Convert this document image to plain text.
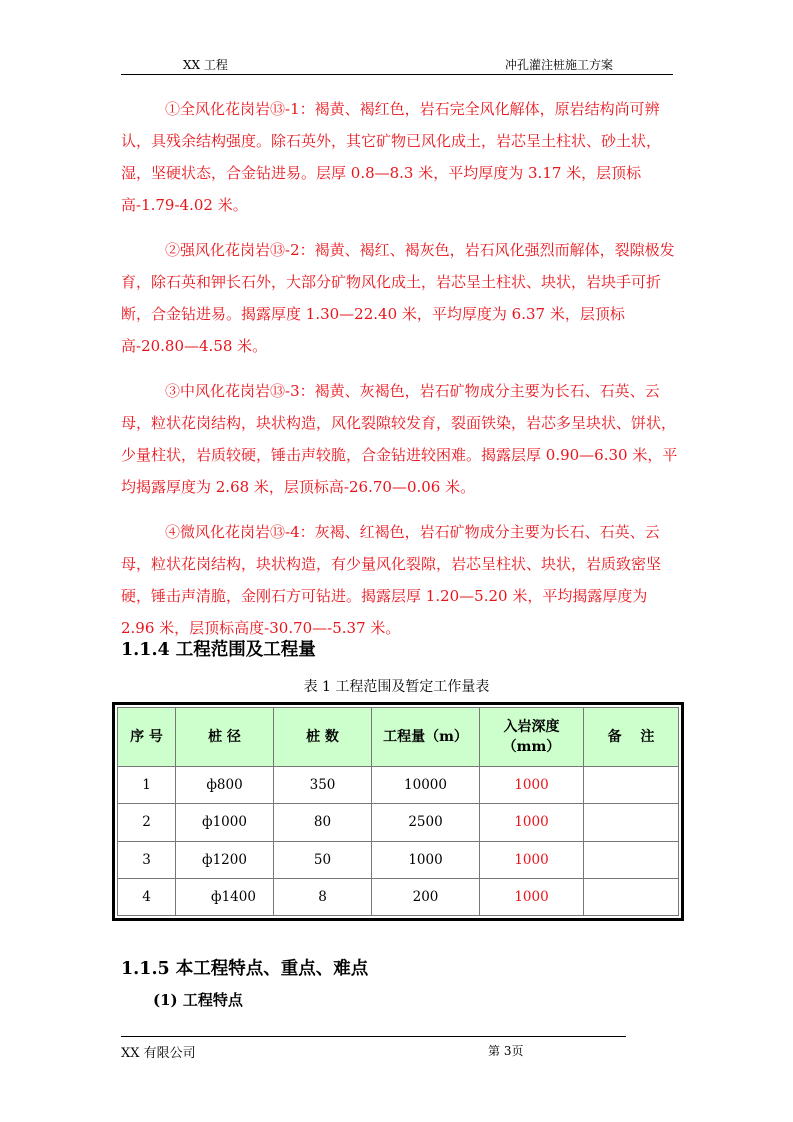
XX 工程	冲孔灌注桩施工方案

①全风化花岗岩⑬-1：褐黄、褐红色，岩石完全风化解体，原岩结构尚可辨认，具残余结构强度。除石英外，其它矿物已风化成土，岩芯呈土柱状、砂土状，湿，坚硬状态，合金钻进易。层厚 0.8—8.3 米，平均厚度为 3.17 米，层顶标高-1.79-4.02 米。

②强风化花岗岩⑬-2：褐黄、褐红、褐灰色，岩石风化强烈而解体，裂隙极发育，除石英和钾长石外，大部分矿物风化成土，岩芯呈土柱状、块状，岩块手可折断，合金钻进易。揭露厚度 1.30—22.40 米，平均厚度为 6.37 米，层顶标高-20.80—4.58 米。

③中风化花岗岩⑬-3：褐黄、灰褐色，岩石矿物成分主要为长石、石英、云母，粒状花岗结构，块状构造，风化裂隙较发育，裂面铁染，岩芯多呈块状、饼状，少量柱状，岩质较硬，锤击声较脆，合金钻进较困难。揭露层厚 0.90—6.30 米，平均揭露厚度为 2.68 米，层顶标高-26.70—0.06 米。

④微风化花岗岩⑬-4：灰褐、红褐色，岩石矿物成分主要为长石、石英、云母，粒状花岗结构，块状构造，有少量风化裂隙，岩芯呈柱状、块状，岩质致密坚硬，锤击声清脆，金刚石方可钻进。揭露层厚 1.20—5.20 米，平均揭露厚度为 2.96 米，层顶标高度-30.70—-5.37 米。

1.1.4 工程范围及工程量
表 1 工程范围及暂定工作量表
序 号	桩 径	桩 数	工程量（m）	入岩深度（mm）	备　 注
1	ф800	350	10000	1000	
2	ф1000	80	2500	1000	
3	ф1200	50	1000	1000	
4	ф1400	8	200	1000	
1.1.5 本工程特点、重点、难点
(1) 工程特点
XX 有限公司	第 3页
